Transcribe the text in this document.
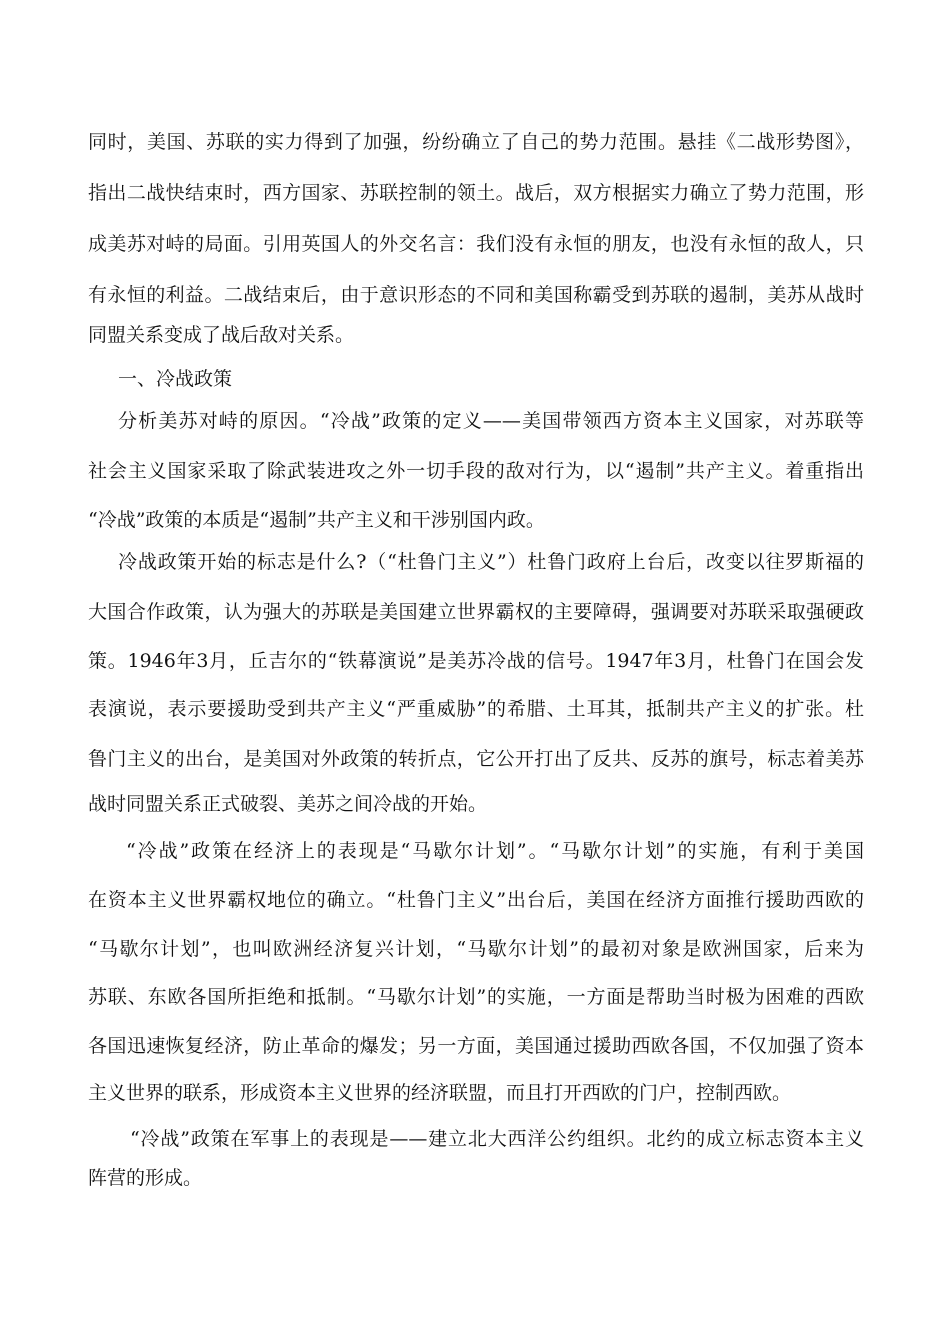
同时，美国、苏联的实力得到了加强，纷纷确立了自己的势力范围。悬挂《二战形势图》，
指出二战快结束时，西方国家、苏联控制的领土。战后，双方根据实力确立了势力范围，形
成美苏对峙的局面。引用英国人的外交名言：我们没有永恒的朋友，也没有永恒的敌人，只
有永恒的利益。二战结束后，由于意识形态的不同和美国称霸受到苏联的遏制，美苏从战时
同盟关系变成了战后敌对关系。
一、冷战政策
分析美苏对峙的原因。“冷战”政策的定义——美国带领西方资本主义国家，对苏联等
社会主义国家采取了除武装进攻之外一切手段的敌对行为，以“遏制”共产主义。着重指出
“冷战”政策的本质是“遏制”共产主义和干涉别国内政。
冷战政策开始的标志是什么?（“杜鲁门主义”）杜鲁门政府上台后，改变以往罗斯福的
大国合作政策，认为强大的苏联是美国建立世界霸权的主要障碍，强调要对苏联采取强硬政
策。1946年3月，丘吉尔的“铁幕演说”是美苏冷战的信号。1947年3月，杜鲁门在国会发
表演说，表示要援助受到共产主义“严重威胁”的希腊、土耳其，抵制共产主义的扩张。杜
鲁门主义的出台，是美国对外政策的转折点，它公开打出了反共、反苏的旗号，标志着美苏
战时同盟关系正式破裂、美苏之间冷战的开始。
“冷战”政策在经济上的表现是“马歇尔计划”。“马歇尔计划”的实施，有利于美国
在资本主义世界霸权地位的确立。“杜鲁门主义”出台后，美国在经济方面推行援助西欧的
“马歇尔计划”，也叫欧洲经济复兴计划，“马歇尔计划”的最初对象是欧洲国家，后来为
苏联、东欧各国所拒绝和抵制。“马歇尔计划”的实施，一方面是帮助当时极为困难的西欧
各国迅速恢复经济，防止革命的爆发；另一方面，美国通过援助西欧各国，不仅加强了资本
主义世界的联系，形成资本主义世界的经济联盟，而且打开西欧的门户，控制西欧。
“冷战”政策在军事上的表现是——建立北大西洋公约组织。北约的成立标志资本主义
阵营的形成。
